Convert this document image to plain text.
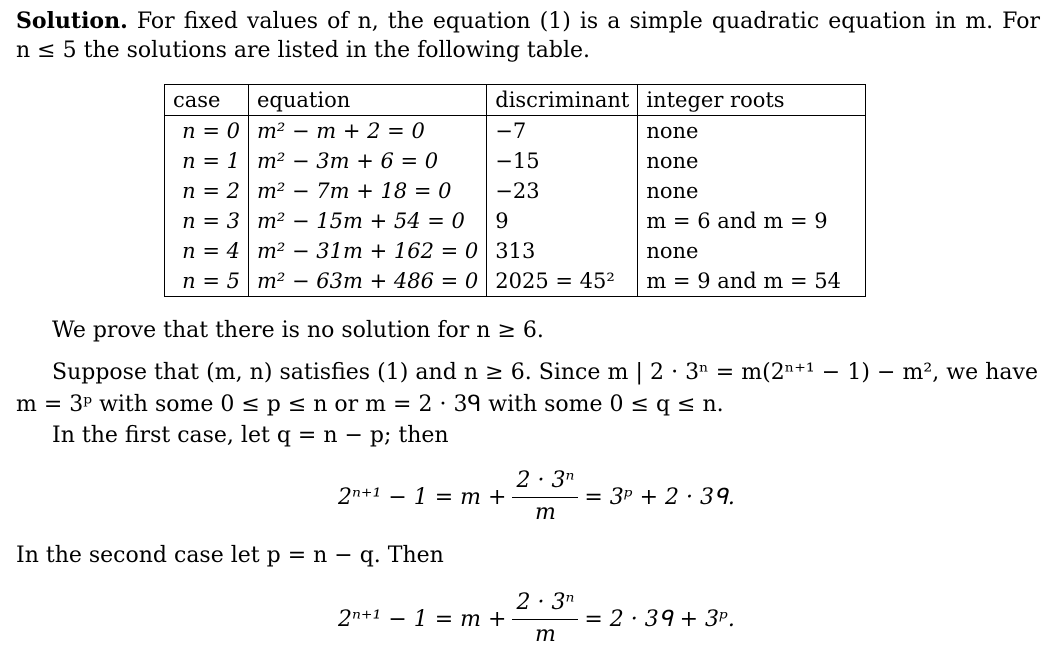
Solution. For fixed values of n, the equation (1) is a simple quadratic equation in m. For
n ≤ 5 the solutions are listed in the following table.
case	equation	discriminant	integer roots
n = 0	m² − m + 2 = 0	−7	none
n = 1	m² − 3m + 6 = 0	−15	none
n = 2	m² − 7m + 18 = 0	−23	none
n = 3	m² − 15m + 54 = 0	9	m = 6 and m = 9
n = 4	m² − 31m + 162 = 0	313	none
n = 5	m² − 63m + 486 = 0	2025 = 45²	m = 9 and m = 54
We prove that there is no solution for n ≥ 6.
Suppose that (m, n) satisfies (1) and n ≥ 6. Since m | 2 · 3ⁿ = m(2ⁿ⁺¹ − 1) − m², we have
m = 3ᵖ with some 0 ≤ p ≤ n or m = 2 · 3ᑫ with some 0 ≤ q ≤ n.
In the first case, let q = n − p; then
$2^{n+1} - 1 = m + \frac{\text{2 · 3ⁿ}}{m}$ = 3ᵖ + 2 · 3ᑫ.
In the second case let p = n − q. Then
$2^{n+1} - 1 = m + \frac{\text{2 · 3ⁿ}}{m} = 2$ · 3ᑫ + 3ᵖ.
